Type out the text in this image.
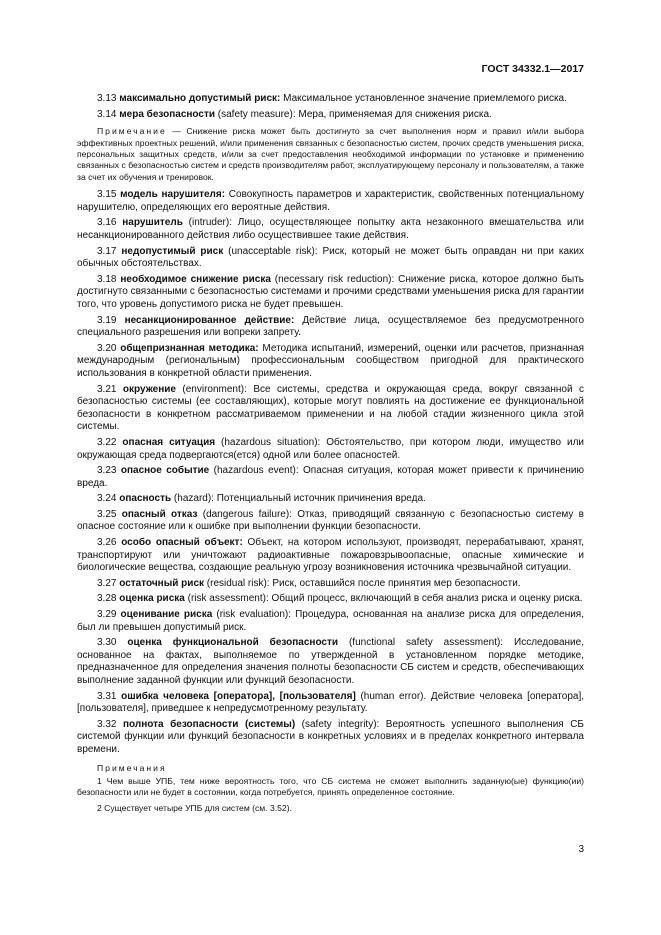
ГОСТ 34332.1—2017

3.13 максимально допустимый риск: Максимальное установленное значение приемлемого риска.

3.14 мера безопасности (safety measure): Мера, применяемая для снижения риска.

Примечание — Снижение риска может быть достигнуто за счет выполнения норм и правил и/или выбора эффективных проектных решений, и/или применения связанных с безопасностью систем, прочих средств уменьшения риска, персональных защитных средств, и/или за счет предоставления необходимой информации по установке и применению связанных с безопасностью систем и средств производителям работ, эксплуатирующему персоналу и пользователям, а также за счет их обучения и тренировок.

3.15 модель нарушителя: Совокупность параметров и характеристик, свойственных потенциальному нарушителю, определяющих его вероятные действия.

3.16 нарушитель (intruder): Лицо, осуществляющее попытку акта незаконного вмешательства или несанкционированного действия либо осуществившее такие действия.

3.17 недопустимый риск (unacceptable risk): Риск, который не может быть оправдан ни при каких обычных обстоятельствах.

3.18 необходимое снижение риска (necessary risk reduction): Снижение риска, которое должно быть достигнуто связанными с безопасностью системами и прочими средствами уменьшения риска для гарантии того, что уровень допустимого риска не будет превышен.

3.19 несанкционированное действие: Действие лица, осуществляемое без предусмотренного специального разрешения или вопреки запрету.

3.20 общепризнанная методика: Методика испытаний, измерений, оценки или расчетов, признанная международным (региональным) профессиональным сообществом пригодной для практического использования в конкретной области применения.

3.21 окружение (environment): Все системы, средства и окружающая среда, вокруг связанной с безопасностью системы (ее составляющих), которые могут повлиять на достижение ее функциональной безопасности в конкретном рассматриваемом применении и на любой стадии жизненного цикла этой системы.

3.22 опасная ситуация (hazardous situation): Обстоятельство, при котором люди, имущество или окружающая среда подвергаются(ется) одной или более опасностей.

3.23 опасное событие (hazardous event): Опасная ситуация, которая может привести к причинению вреда.

3.24 опасность (hazard): Потенциальный источник причинения вреда.

3.25 опасный отказ (dangerous failure): Отказ, приводящий связанную с безопасностью систему в опасное состояние или к ошибке при выполнении функции безопасности.

3.26 особо опасный объект: Объект, на котором используют, производят, перерабатывают, хранят, транспортируют или уничтожают радиоактивные пожаровзрывоопасные, опасные химические и биологические вещества, создающие реальную угрозу возникновения источника чрезвычайной ситуации.

3.27 остаточный риск (residual risk): Риск, оставшийся после принятия мер безопасности.

3.28 оценка риска (risk assessment): Общий процесс, включающий в себя анализ риска и оценку риска.

3.29 оценивание риска (risk evaluation): Процедура, основанная на анализе риска для определения, был ли превышен допустимый риск.

3.30 оценка функциональной безопасности (functional safety assessment): Исследование, основанное на фактах, выполняемое по утвержденной в установленном порядке методике, предназначенное для определения значения полноты безопасности СБ систем и средств, обеспечивающих выполнение заданной функции или функций безопасности.

3.31 ошибка человека [оператора], [пользователя] (human error). Действие человека [оператора], [пользователя], приведшее к непредусмотренному результату.

3.32 полнота безопасности (системы) (safety integrity): Вероятность успешного выполнения СБ системой функции или функций безопасности в конкретных условиях и в пределах конкретного интервала времени.

Примечания

1 Чем выше УПБ, тем ниже вероятность того, что СБ система не сможет выполнить заданную(ые) функцию(ии) безопасности или не будет в состоянии, когда потребуется, принять определенное состояние.

2 Существует четыре УПБ для систем (см. 3.52).

3
